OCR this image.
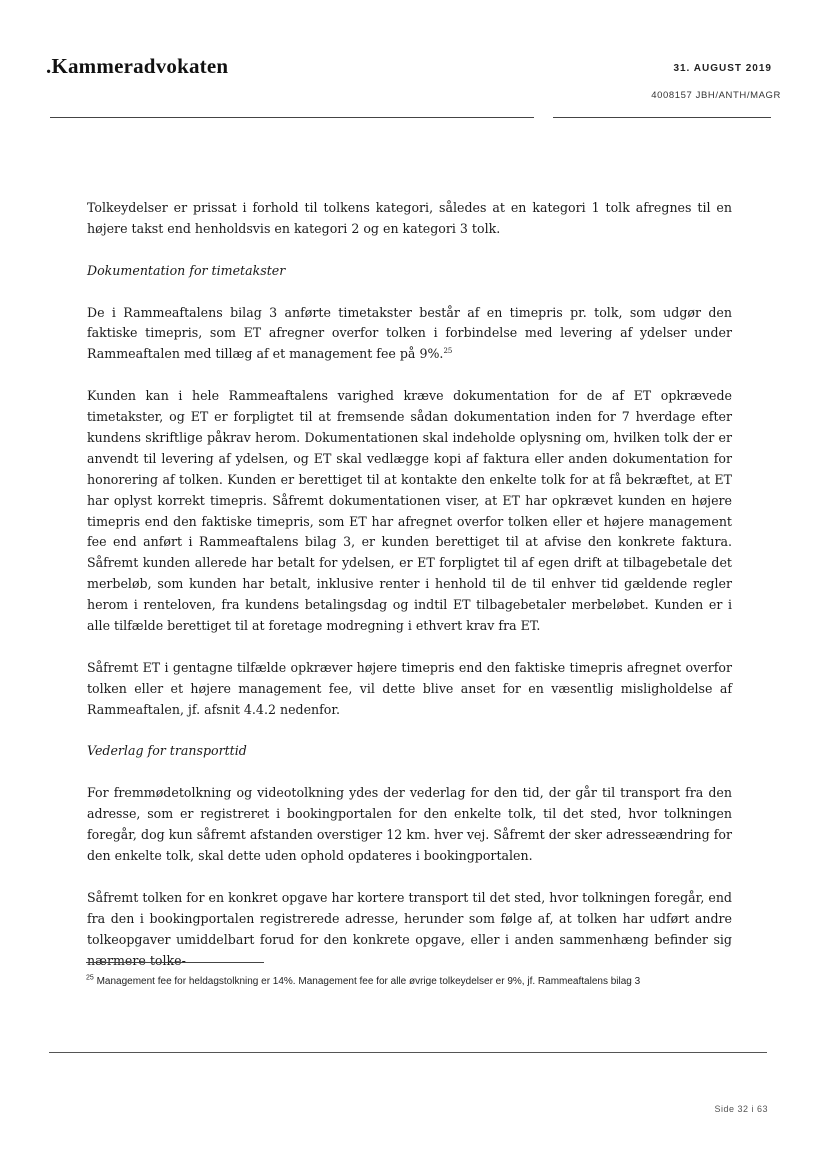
.Kammeradvokaten	31. AUGUST 2019
4008157 JBH/ANTH/MAGR

Tolkeydelser er prissat i forhold til tolkens kategori, således at en kategori 1 tolk afregnes til en højere takst end henholdsvis en kategori 2 og en kategori 3 tolk.

Dokumentation for timetakster

De i Rammeaftalens bilag 3 anførte timetakster består af en timepris pr. tolk, som udgør den faktiske timepris, som ET afregner overfor tolken i forbindelse med levering af ydelser under Rammeaftalen med tillæg af et management fee på 9%.$^{25}$

Kunden kan i hele Rammeaftalens varighed kræve dokumentation for de af ET opkrævede timetakster, og ET er forpligtet til at fremsende sådan dokumentation inden for 7 hverdage efter kundens skriftlige påkrav herom. Dokumentationen skal indeholde oplysning om, hvilken tolk der er anvendt til levering af ydelsen, og ET skal vedlægge kopi af faktura eller anden dokumentation for honorering af tolken. Kunden er berettiget til at kontakte den enkelte tolk for at få bekræftet, at ET har oplyst korrekt timepris. Såfremt dokumentationen viser, at ET har opkrævet kunden en højere timepris end den faktiske timepris, som ET har afregnet overfor tolken eller et højere management fee end anført i Rammeaftalens bilag 3, er kunden berettiget til at afvise den konkrete faktura. Såfremt kunden allerede har betalt for ydelsen, er ET forpligtet til af egen drift at tilbagebetale det merbeløb, som kunden har betalt, inklusive renter i henhold til de til enhver tid gældende regler herom i renteloven, fra kundens betalingsdag og indtil ET tilbagebetaler merbeløbet. Kunden er i alle tilfælde berettiget til at foretage modregning i ethvert krav fra ET.

Såfremt ET i gentagne tilfælde opkræver højere timepris end den faktiske timepris afregnet overfor tolken eller et højere management fee, vil dette blive anset for en væsentlig misligholdelse af Rammeaftalen, jf. afsnit 4.4.2 nedenfor.

Vederlag for transporttid

For fremmødetolkning og videotolkning ydes der vederlag for den tid, der går til transport fra den adresse, som er registreret i bookingportalen for den enkelte tolk, til det sted, hvor tolkningen foregår, dog kun såfremt afstanden overstiger 12 km. hver vej. Såfremt der sker adresseændring for den enkelte tolk, skal dette uden ophold opdateres i bookingportalen.

Såfremt tolken for en konkret opgave har kortere transport til det sted, hvor tolkningen foregår, end fra den i bookingportalen registrerede adresse, herunder som følge af, at tolken har udført andre tolkeopgaver umiddelbart forud for den konkrete opgave, eller i anden sammenhæng befinder sig nærmere tolke-

$^{25}$ Management fee for heldagstolkning er 14%. Management fee for alle øvrige tolkeydelser er 9%, jf. Rammeaftalens bilag 3
Side 32 i 63
